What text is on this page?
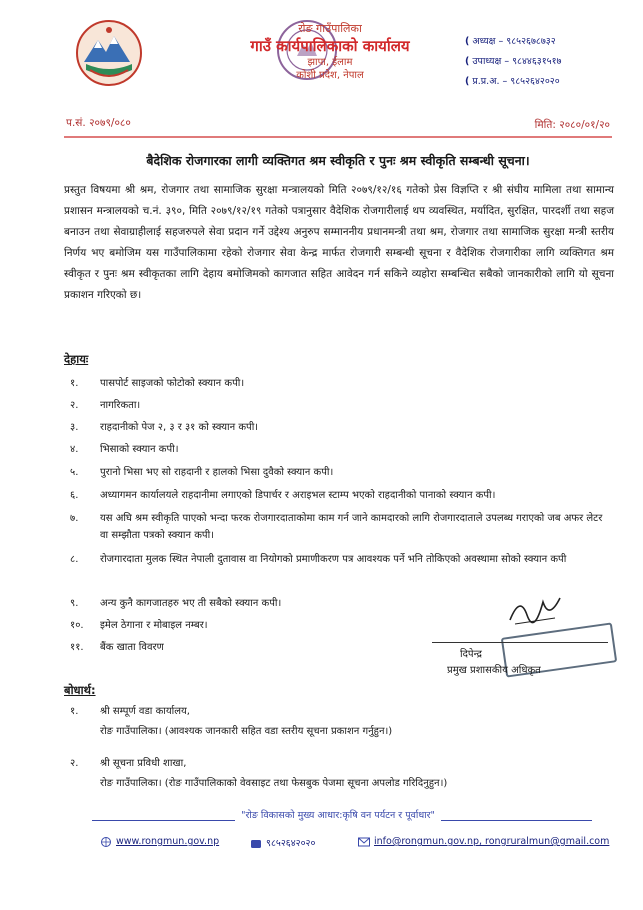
रोङ गाउँपालिका
गाउँ कार्यपालिकाको कार्यालय
झापा, ईलाम
कोशी प्रदेश, नेपाल
( अध्यक्ष – ९८५२६७८७३२
( उपाध्यक्ष – ९८४४६३१५१७
( प्र.प्र.अ. – ९८५२६४२०२०
प.सं. २०७९/०८०	मिति: २०८०/०१/२०
बैदेशिक रोजगारका लागी व्यक्तिगत श्रम स्वीकृति र पुनः श्रम स्वीकृति सम्बन्धी सूचना।
प्रस्तुत विषयमा श्री श्रम, रोजगार तथा सामाजिक सुरक्षा मन्त्रालयको मिति २०७९/१२/१६ गतेको प्रेस विज्ञप्ति र श्री संघीय मामिला तथा सामान्य प्रशासन मन्त्रालयको च.नं. ३९०, मिति २०७९/१२/१९ गतेको पत्रानुसार वैदेशिक रोजगारीलाई थप व्यवस्थित, मर्यादित, सुरक्षित, पारदर्शी तथा सहज बनाउन तथा सेवाग्राहीलाई सहजरुपले सेवा प्रदान गर्ने उद्देश्य अनुरुप सम्माननीय प्रधानमन्त्री तथा श्रम, रोजगार तथा सामाजिक सुरक्षा मन्त्री स्तरीय निर्णय भए बमोजिम यस गाउँपालिकामा रहेको रोजगार सेवा केन्द्र मार्फत रोजगारी सम्बन्धी सूचना र वैदेशिक रोजगारीका लागि व्यक्तिगत श्रम स्वीकृत र पुनः श्रम स्वीकृतका लागि देहाय बमोजिमको कागजात सहित आवेदन गर्न सकिने व्यहोरा सम्बन्धित सबैको जानकारीको लागि यो सूचना प्रकाशन गरिएको छ।
देहायः
१.	पासपोर्ट साइजको फोटोको स्क्यान कपी।
२.	नागरिकता।
३.	राहदानीको पेज २, ३ र ३१ को स्क्यान कपी।
४.	भिसाको स्क्यान कपी।
५.	पुरानो भिसा भए सो राहदानी र हालको भिसा दुवैको स्क्यान कपी।
६.	अध्यागमन कार्यालयले राहदानीमा लगाएको डिपार्चर र अराइभल स्टाम्प भएको राहदानीको पानाको स्क्यान कपी।
७.	यस अघि श्रम स्वीकृति पाएको भन्दा फरक रोजगारदाताकोमा काम गर्न जाने कामदारको लागि रोजगारदाताले उपलब्ध गराएको जब अफर लेटर वा सम्झौता पत्रको स्क्यान कपी।
८.	रोजगारदाता मुलक स्थित नेपाली दुतावास वा नियोगको प्रमाणीकरण पत्र आवश्यक पर्ने भनि तोकिएको अवस्थामा सोको स्क्यान कपी
९.	अन्य कुनै कागजातहरु भए ती सबैको स्क्यान कपी।
१०.	इमेल ठेगाना र मोबाइल नम्बर।
११.	बैंक खाता विवरण
दिपेन्द्र
प्रमुख प्रशासकीय अधिकृत
बोधार्थ:
१. श्री सम्पूर्ण वडा कार्यालय,
रोङ गाउँपालिका। (आवश्यक जानकारी सहित वडा स्तरीय सूचना प्रकाशन गर्नुहुन।)
२. श्री सूचना प्रविधी शाखा,
रोङ गाउँपालिका। (रोङ गाउँपालिकाको वेवसाइट तथा फेसबुक पेजमा सूचना अपलोड गरिदिनुहुन।)
"रोङ विकासको मुख्य आधार:कृषि वन पर्यटन र पूर्वाधार"
www.rongmun.gov.np	९८५२६४२०२०	info@rongmun.gov.np, rongruralmun@gmail.com
